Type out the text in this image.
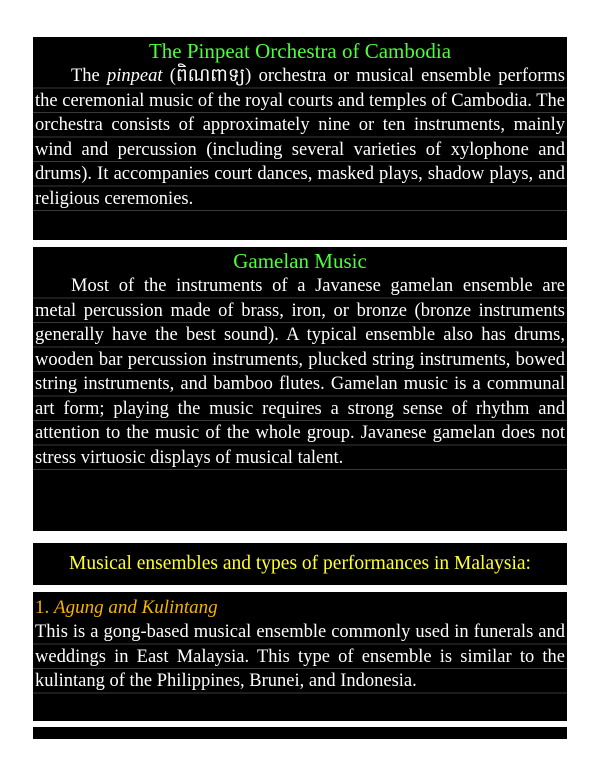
The Pinpeat Orchestra of Cambodia

The pinpeat (ពិណពាទ្យ) orchestra or musical ensemble performs the ceremonial music of the royal courts and temples of Cambodia. The orchestra consists of approximately nine or ten instruments, mainly wind and percussion (including several varieties of xylophone and drums). It accompanies court dances, masked plays, shadow plays, and religious ceremonies.

Gamelan Music

Most of the instruments of a Javanese gamelan ensemble are metal percussion made of brass, iron, or bronze (bronze instruments generally have the best sound). A typical ensemble also has drums, wooden bar percussion instruments, plucked string instruments, bowed string instruments, and bamboo flutes. Gamelan music is a communal art form; playing the music requires a strong sense of rhythm and attention to the music of the whole group. Javanese gamelan does not stress virtuosic displays of musical talent.

Musical ensembles and types of performances in Malaysia:

1. Agung and Kulintang

This is a gong-based musical ensemble commonly used in funerals and weddings in East Malaysia. This type of ensemble is similar to the kulintang of the Philippines, Brunei, and Indonesia.
